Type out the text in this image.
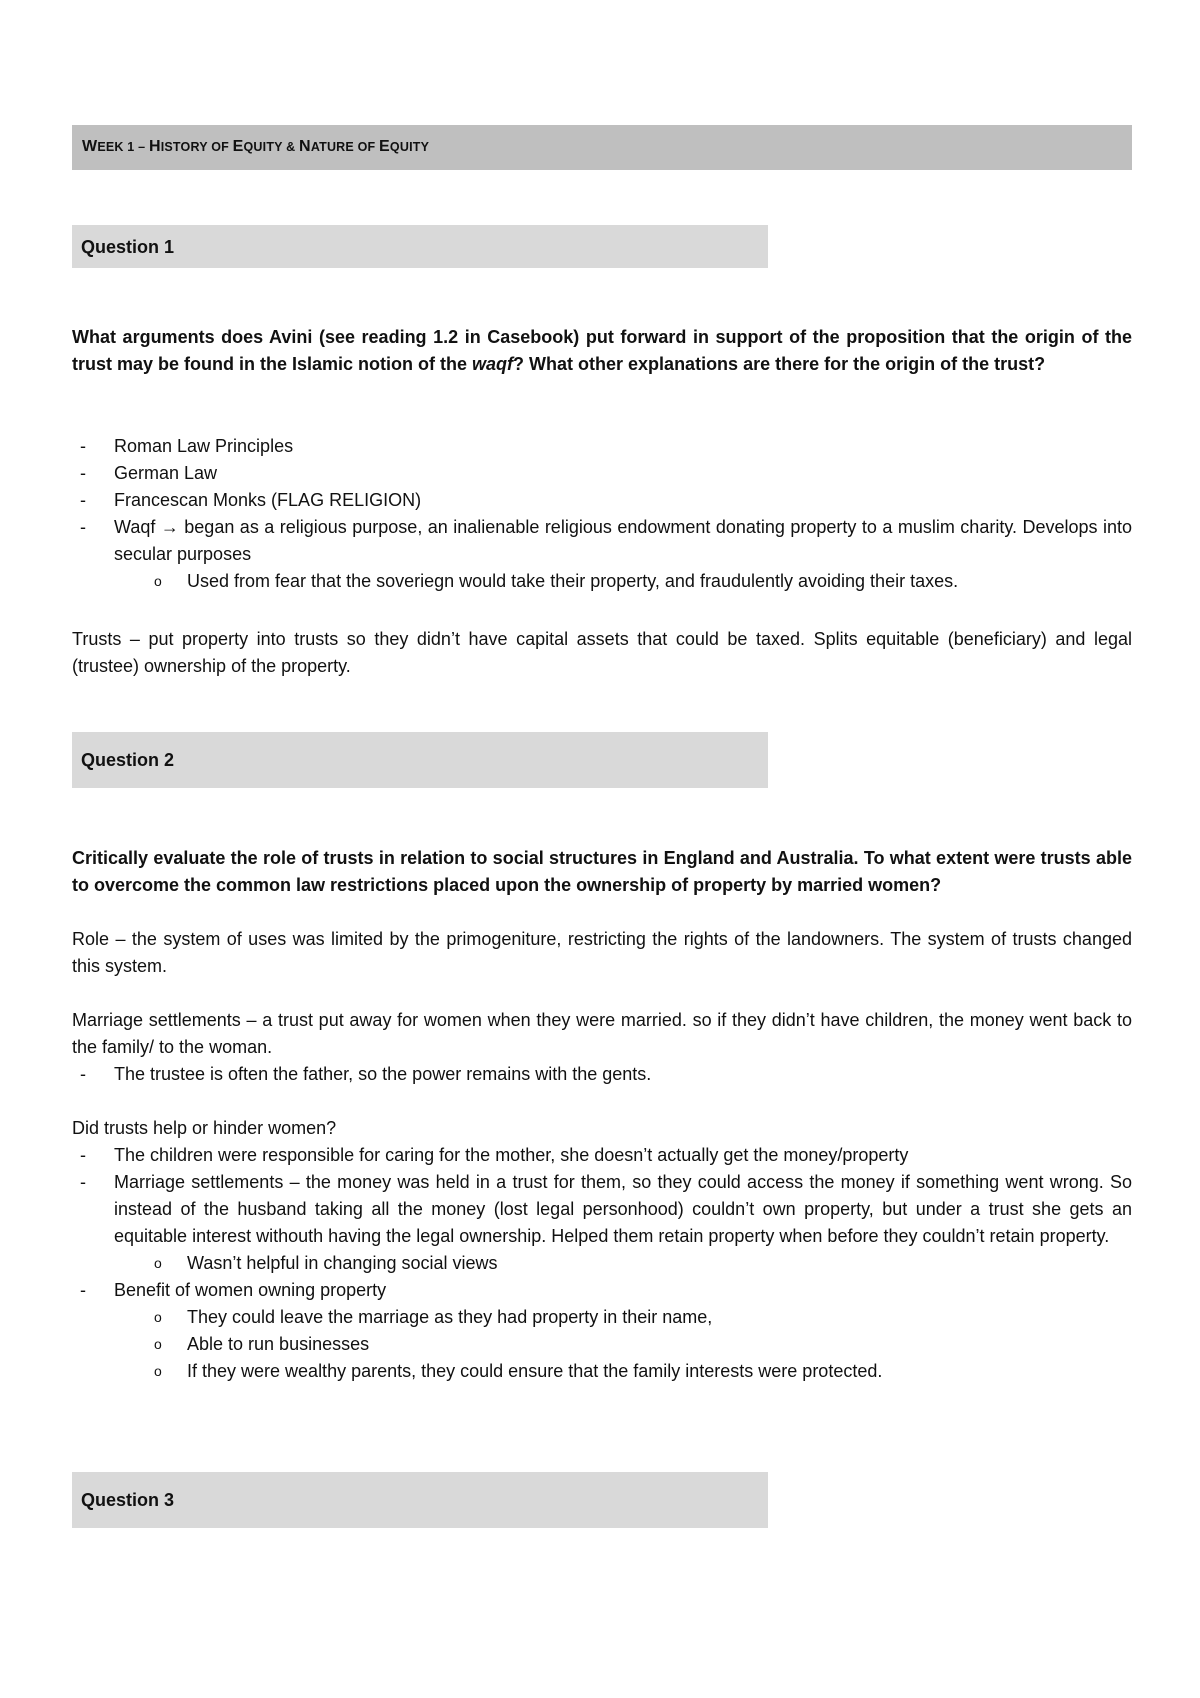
WEEK 1 – HISTORY OF EQUITY & NATURE OF EQUITY
Question 1
What arguments does Avini (see reading 1.2 in Casebook) put forward in support of the proposition that the origin of the trust may be found in the Islamic notion of the waqf? What other explanations are there for the origin of the trust?
- Roman Law Principles
- German Law
- Francescan Monks (FLAG RELIGION)
- Waqf → began as a religious purpose, an inalienable religious endowment donating property to a muslim charity. Develops into secular purposes
o Used from fear that the soveriegn would take their property, and fraudulently avoiding their taxes.
Trusts – put property into trusts so they didn’t have capital assets that could be taxed. Splits equitable (beneficiary) and legal (trustee) ownership of the property.
Question 2
Critically evaluate the role of trusts in relation to social structures in England and Australia. To what extent were trusts able to overcome the common law restrictions placed upon the ownership of property by married women?
Role – the system of uses was limited by the primogeniture, restricting the rights of the landowners. The system of trusts changed this system.
Marriage settlements – a trust put away for women when they were married. so if they didn’t have children, the money went back to the family/ to the woman.
- The trustee is often the father, so the power remains with the gents.
Did trusts help or hinder women?
- The children were responsible for caring for the mother, she doesn’t actually get the money/property
- Marriage settlements – the money was held in a trust for them, so they could access the money if something went wrong. So instead of the husband taking all the money (lost legal personhood) couldn’t own property, but under a trust she gets an equitable interest withouth having the legal ownership. Helped them retain property when before they couldn’t retain property.
o Wasn’t helpful in changing social views
- Benefit of women owning property
o They could leave the marriage as they had property in their name,
o Able to run businesses
o If they were wealthy parents, they could ensure that the family interests were protected.
Question 3
